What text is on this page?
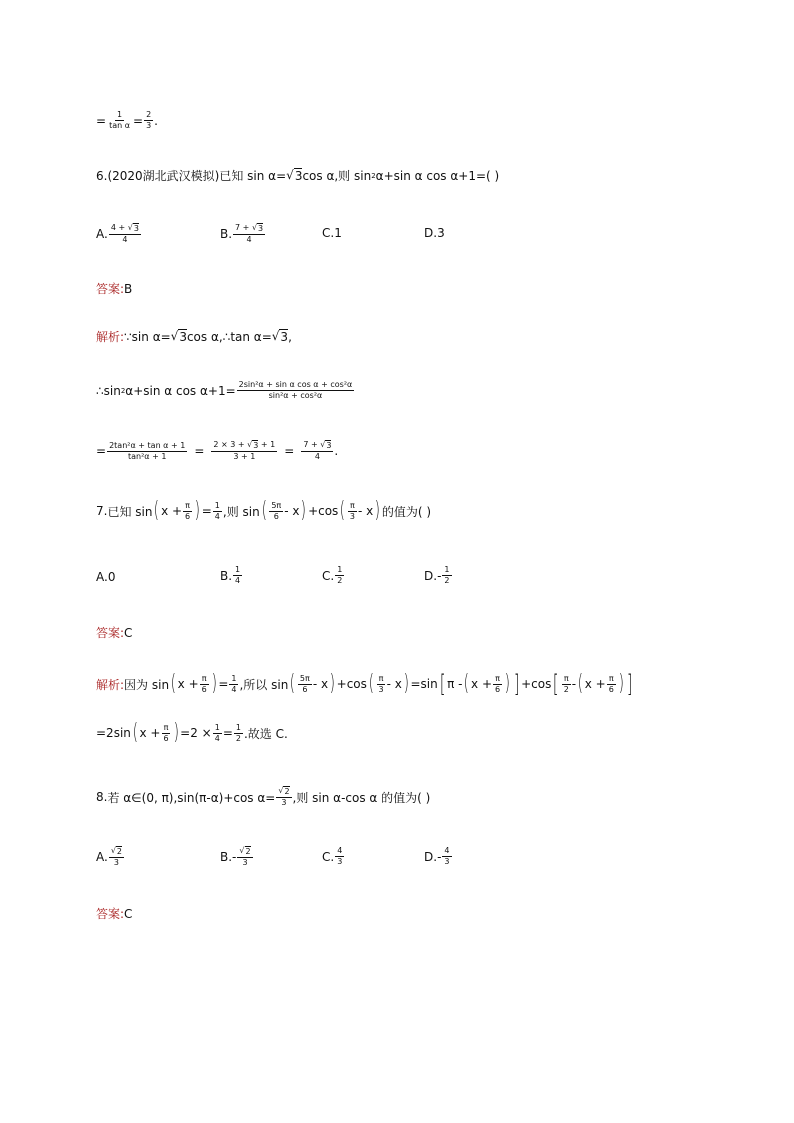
= $\frac{1}{\text{tan α}} = \frac{2}{3}$ .
6. (2020湖北武汉模拟) 已知 sin α= √ 3 cos α,则 sin 2 α+sin α cos α+1=( )
A. $\frac{4 + √ 3}{4}$	B. $\frac{7 + √ 3}{4}$	C. 1	D. 3
答案: B
解析: ∵sin α= √ 3 cos α,∴tan α= √ 3 ,
∴sin 2 α+sin α $\cos \alpha+1= \frac{\text{2sin²α + sin α cos α + cos²α}}{\text{sin²α + cos²α}}$
= $\frac{\text{2tan²α + tan α + 1}}{\text{tan²α + 1}} = \frac{2 \times 3 + √ 3 + 1}{3 + 1} = \frac{7 + √ 3}{4}$ .
7. 已知 sin ( $x + \frac{\pi}{6}$ ) = $\frac{1}{4}$ ,则 sin ( $\frac{5\pi}{6}$ - x ) +cos ( $\frac{\pi}{3}$ - x ) 的值为( )
A. 0	B. $\frac{1}{4}$	C. $\frac{1}{2}$	D. - $\frac{1}{2}$
答案: C
解析: 因为 sin ( $x + \frac{\pi}{6}$ ) = $\frac{1}{4}$ ,所以 sin ( $\frac{5\pi}{6}$ - x ) +cos ( $\frac{\pi}{3}$ - x ) =sin [ π - ( $x + \frac{\pi}{6}$ ) ] +cos [ $\frac{\pi}{2}$ - ( $x + \frac{\pi}{6}$ ) ]
=2sin ( $x + \frac{\pi}{6}$ ) $=2 \times \frac{1}{4} = \frac{1}{2}$ .故选 C.
8. 若 α∈(0, π),sin(π-α)+cos $\alpha= \frac{√ 2}{3}$ ,则 sin α-cos α 的值为( )
A. $\frac{√ 2}{3}$	B. - $\frac{√ 2}{3}$	C. $\frac{4}{3}$	D. - $\frac{4}{3}$
答案: C
